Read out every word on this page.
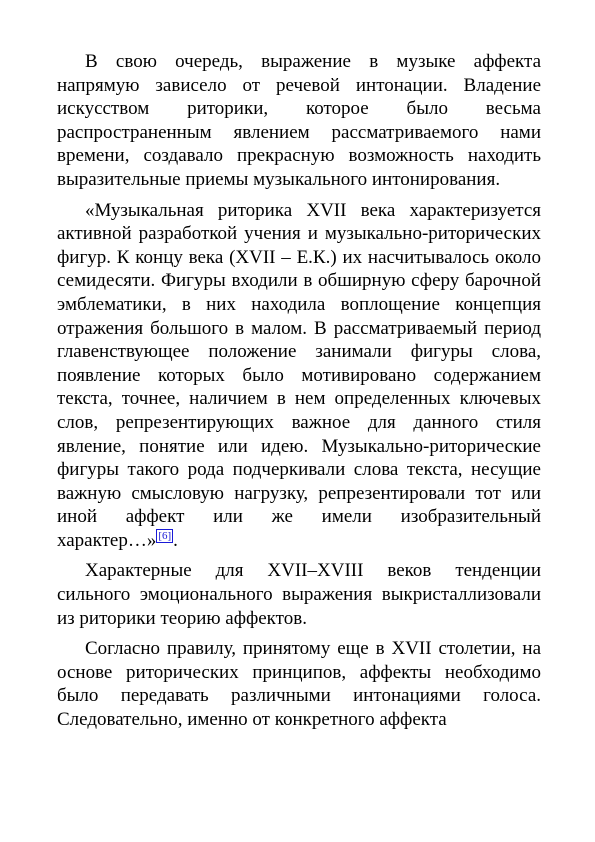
В свою очередь, выражение в музыке аффекта напрямую зависело от речевой интонации. Владение искусством риторики, которое было весьма распространенным явлением рассматриваемого нами времени, создавало прекрасную возможность находить выразительные приемы музыкального интонирования.

«Музыкальная риторика XVII века характеризуется активной разработкой учения и музыкально-риторических фигур. К концу века (XVII – Е.К.) их насчитывалось около семидесяти. Фигуры входили в обширную сферу барочной эмблематики, в них находила воплощение концепция отражения большого в малом. В рассматриваемый период главенствующее положение занимали фигуры слова, появление которых было мотивировано содержанием текста, точнее, наличием в нем определенных ключевых слов, репрезентирующих важное для данного стиля явление, понятие или идею. Музыкально-риторические фигуры такого рода подчеркивали слова текста, несущие важную смысловую нагрузку, репрезентировали тот или иной аффект или же имели изобразительный характер…» [6] .

Характерные для XVII–XVIII веков тенденции сильного эмоционального выражения выкристаллизовали из риторики теорию аффектов.

Согласно правилу, принятому еще в XVII столетии, на основе риторических принципов, аффекты необходимо было передавать различными интонациями голоса. Следовательно, именно от конкретного аффекта
